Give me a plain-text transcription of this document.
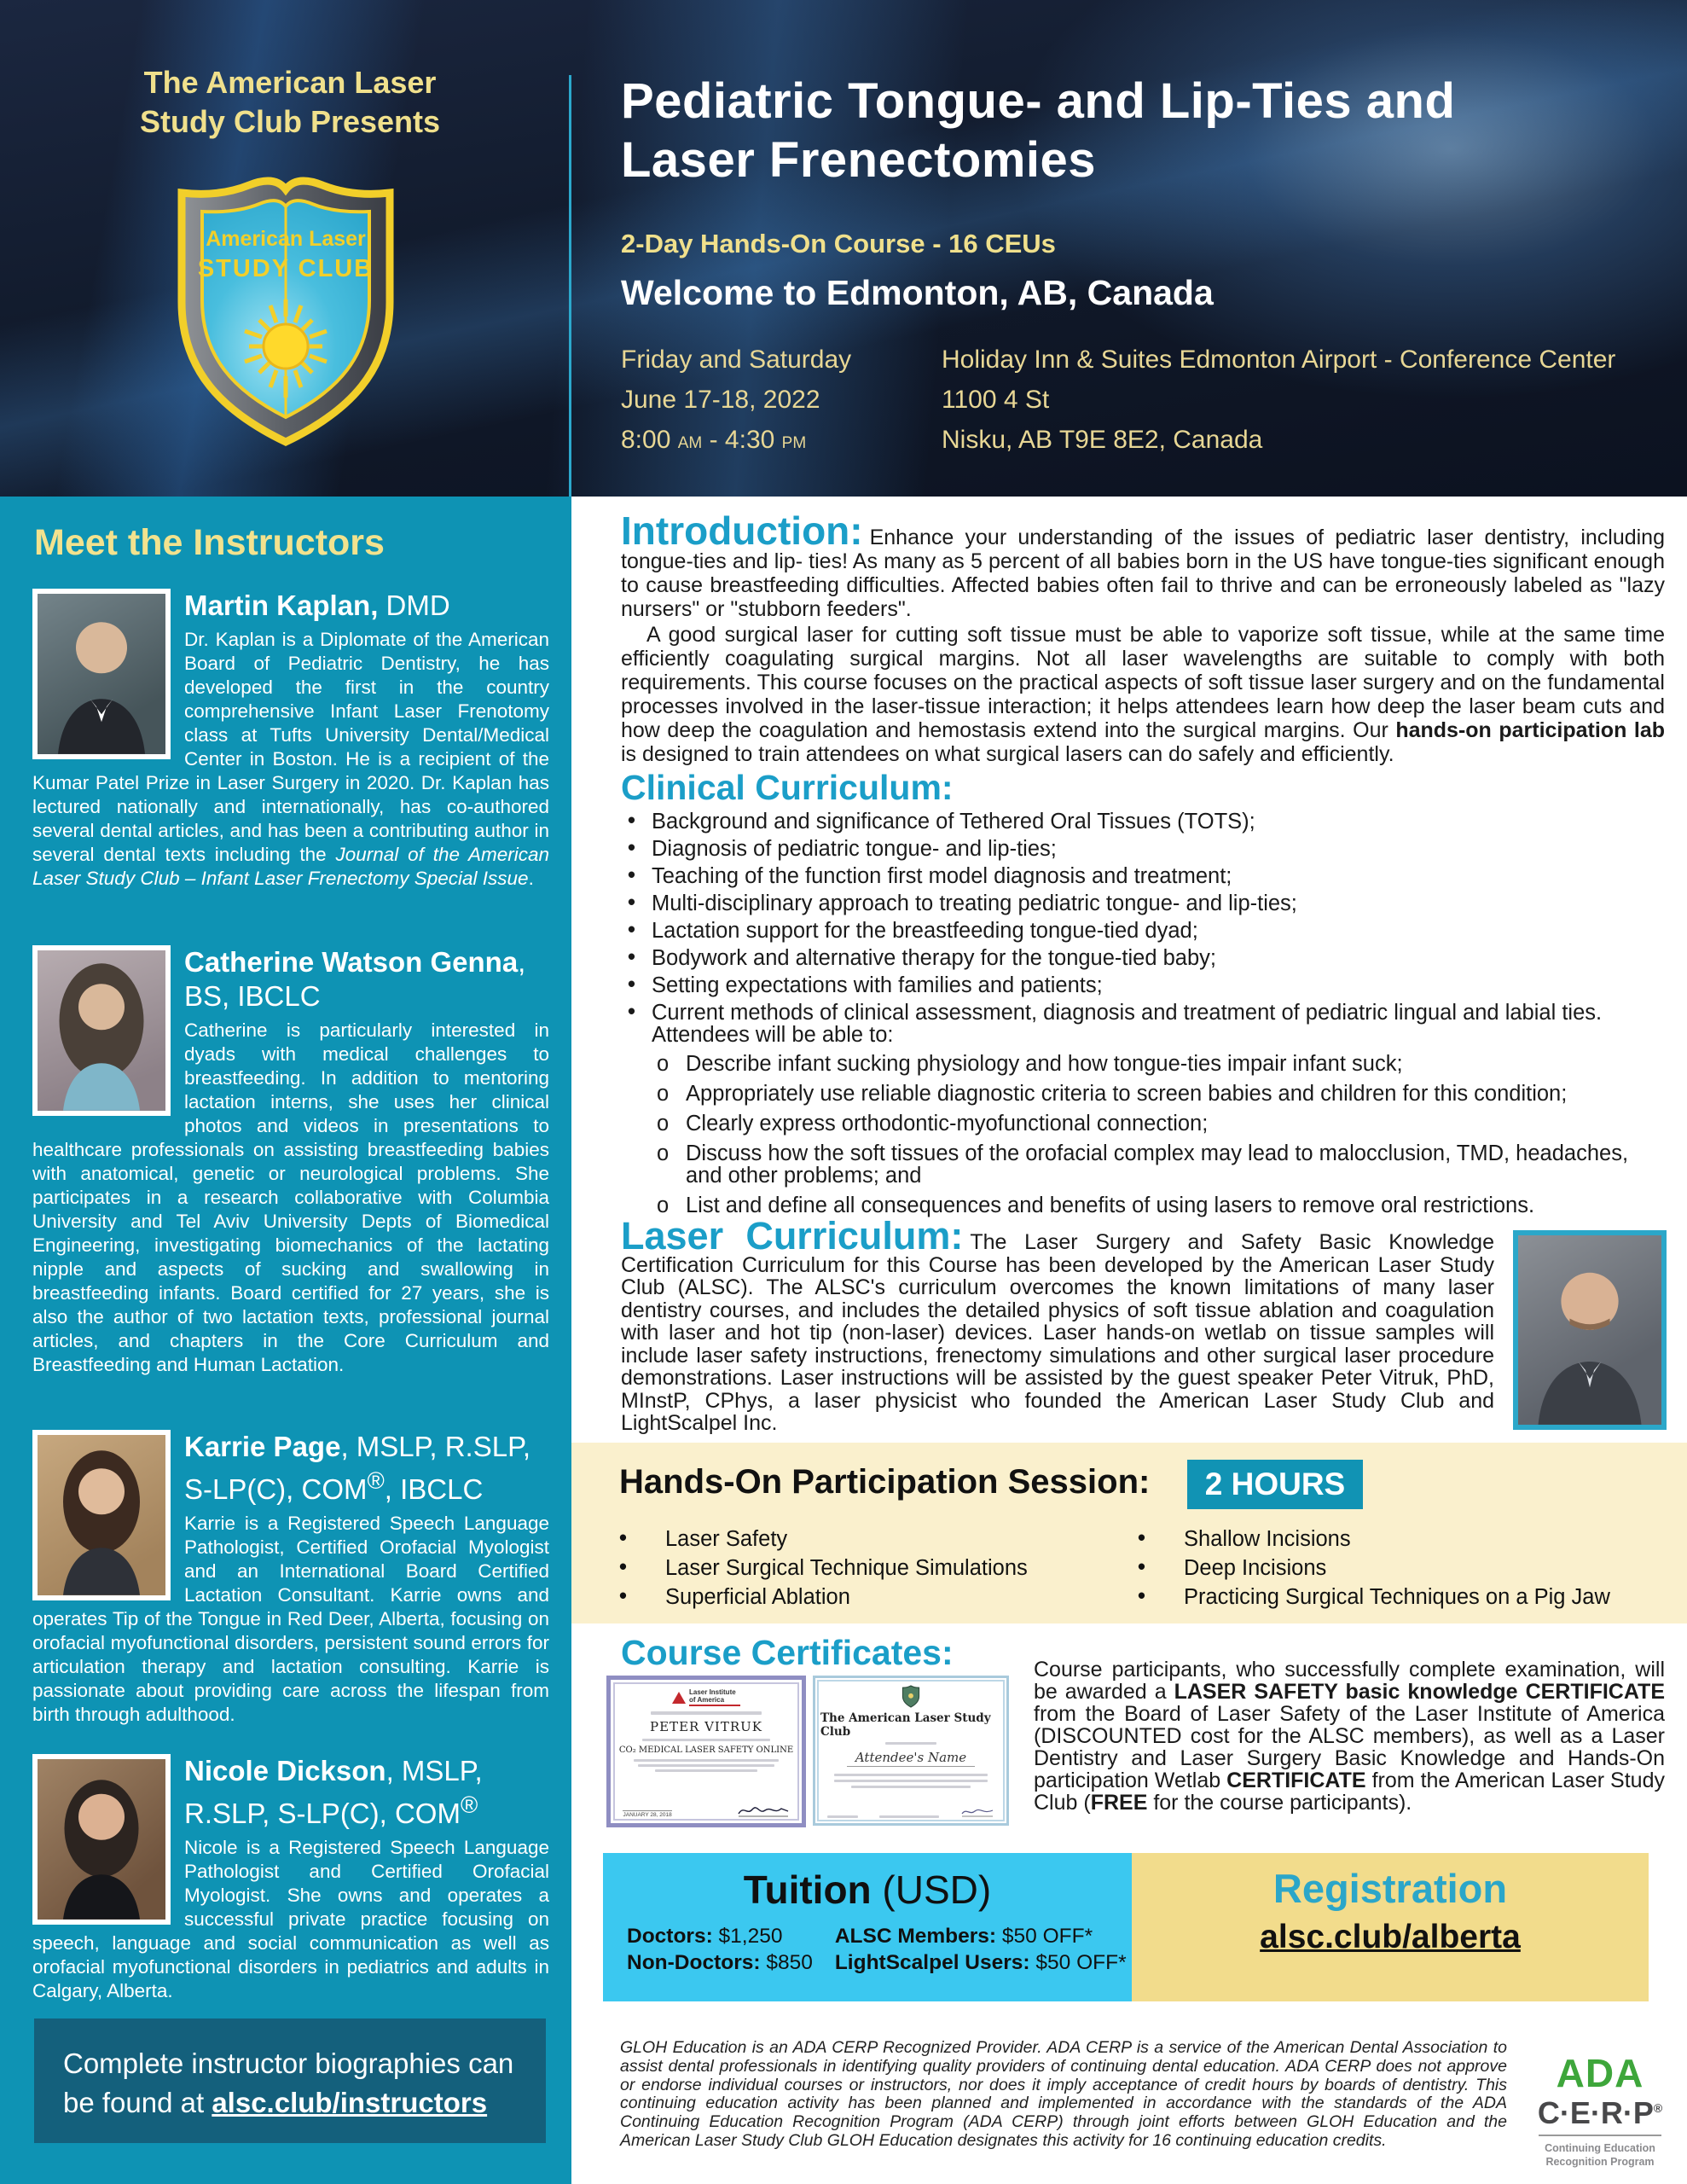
The American Laser
Study Club Presents
American Laser
STUDY CLUB
Pediatric Tongue- and Lip-Ties and
Laser Frenectomies
2-Day Hands-On Course - 16 CEUs
Welcome to Edmonton, AB, Canada
Friday and Saturday
June 17-18, 2022
8:00 AM - 4:30 PM
Holiday Inn & Suites Edmonton Airport - Conference Center
1100 4 St
Nisku, AB T9E 8E2, Canada
Meet the Instructors
Martin Kaplan, DMD

Dr. Kaplan is a Diplomate of the American Board of Pediatric Dentistry, he has developed the first in the country comprehensive Infant Laser Frenotomy class at Tufts University Dental/Medical Center in Boston. He is a recipient of the Kumar Patel Prize in Laser Surgery in 2020. Dr. Kaplan has lectured nationally and internationally, has co-authored several dental articles, and has been a contributing author in several dental texts including the Journal of the American Laser Study Club – Infant Laser Frenectomy Special Issue.

Catherine Watson Genna, BS, IBCLC

Catherine is particularly interested in dyads with medical challenges to breastfeeding. In addition to mentoring lactation interns, she uses her clinical photos and videos in presentations to healthcare professionals on assisting breastfeeding babies with anatomical, genetic or neurological problems. She participates in a research collaborative with Columbia University and Tel Aviv University Depts of Biomedical Engineering, investigating biomechanics of the lactating nipple and aspects of sucking and swallowing in breastfeeding infants. Board certified for 27 years, she is also the author of two lactation texts, professional journal articles, and chapters in the Core Curriculum and Breastfeeding and Human Lactation.

Karrie Page, MSLP, R.SLP, S-LP(C), COM®, IBCLC

Karrie is a Registered Speech Language Pathologist, Certified Orofacial Myologist and an International Board Certified Lactation Consultant. Karrie owns and operates Tip of the Tongue in Red Deer, Alberta, focusing on orofacial myofunctional disorders, persistent sound errors for articulation therapy and lactation consulting. Karrie is passionate about providing care across the lifespan from birth through adulthood.

Nicole Dickson, MSLP, R.SLP, S-LP(C), COM®

Nicole is a Registered Speech Language Pathologist and Certified Orofacial Myologist. She owns and operates a successful private practice focusing on speech, language and social communication as well as orofacial myofunctional disorders in pediatrics and adults in Calgary, Alberta.

Complete instructor biographies can be found at alsc.club/instructors
Introduction: Enhance your understanding of the issues of pediatric laser dentistry, including tongue-ties and lip- ties! As many as 5 percent of all babies born in the US have tongue-ties significant enough to cause breastfeeding difficulties. Affected babies often fail to thrive and can be erroneously labeled as "lazy nursers" or "stubborn feeders".

A good surgical laser for cutting soft tissue must be able to vaporize soft tissue, while at the same time efficiently coagulating surgical margins. Not all laser wavelengths are suitable to comply with both requirements. This course focuses on the practical aspects of soft tissue laser surgery and on the fundamental processes involved in the laser-tissue interaction; it helps attendees learn how deep the laser beam cuts and how deep the coagulation and hemostasis extend into the surgical margins. Our hands-on participation lab is designed to train attendees on what surgical lasers can do safely and efficiently.

Clinical Curriculum:
• Background and significance of Tethered Oral Tissues (TOTS);
• Diagnosis of pediatric tongue- and lip-ties;
• Teaching of the function first model diagnosis and treatment;
• Multi-disciplinary approach to treating pediatric tongue- and lip-ties;
• Lactation support for the breastfeeding tongue-tied dyad;
• Bodywork and alternative therapy for the tongue-tied baby;
• Setting expectations with families and patients;
• Current methods of clinical assessment, diagnosis and treatment of pediatric lingual and labial ties.
Attendees will be able to:
o Describe infant sucking physiology and how tongue-ties impair infant suck;
o Appropriately use reliable diagnostic criteria to screen babies and children for this condition;
o Clearly express orthodontic-myofunctional connection;
o Discuss how the soft tissues of the orofacial complex may lead to malocclusion, TMD, headaches, and other problems; and
o List and define all consequences and benefits of using lasers to remove oral restrictions.
Laser Curriculum: The Laser Surgery and Safety Basic Knowledge Certification Curriculum for this Course has been developed by the American Laser Study Club (ALSC). The ALSC's curriculum overcomes the known limitations of many laser dentistry courses, and includes the detailed physics of soft tissue ablation and coagulation with laser and hot tip (non-laser) devices. Laser hands-on wetlab on tissue samples will include laser safety instructions, frenectomy simulations and other surgical laser procedure demonstrations. Laser instructions will be assisted by the guest speaker Peter Vitruk, PhD, MInstP, CPhys, a laser physicist who founded the American Laser Study Club and LightScalpel Inc.
Hands-On Participation Session:	2 HOURS
• Laser Safety
• Laser Surgical Technique Simulations
• Superficial Ablation
• Shallow Incisions
• Deep Incisions
• Practicing Surgical Techniques on a Pig Jaw
Course Certificates:
Laser Institute
of America
PETER VITRUK
CO₂ MEDICAL LASER SAFETY ONLINE
JANUARY 28, 2018
The American Laser Study Club
Attendee's Name

Course participants, who successfully complete examination, will be awarded a LASER SAFETY basic knowledge CERTIFICATE from the Board of Laser Safety of the Laser Institute of America (DISCOUNTED cost for the ALSC members), as well as a Laser Dentistry and Laser Surgery Basic Knowledge and Hands-On participation Wetlab CERTIFICATE from the American Laser Study Club (FREE for the course participants).

Tuition (USD)
Doctors: $1,250
Non-Doctors: $850
ALSC Members: $50 OFF*
LightScalpel Users: $50 OFF*
Registration
alsc.club/alberta

GLOH Education is an ADA CERP Recognized Provider. ADA CERP is a service of the American Dental Association to assist dental professionals in identifying quality providers of continuing dental education. ADA CERP does not approve or endorse individual courses or instructors, nor does it imply acceptance of credit hours by boards of dentistry. This continuing education activity has been planned and implemented in accordance with the standards of the ADA Continuing Education Recognition Program (ADA CERP) through joint efforts between GLOH Education and the American Laser Study Club GLOH Education designates this activity for 16 continuing education credits.

ADA
C·E·R·P®
Continuing Education
Recognition Program
